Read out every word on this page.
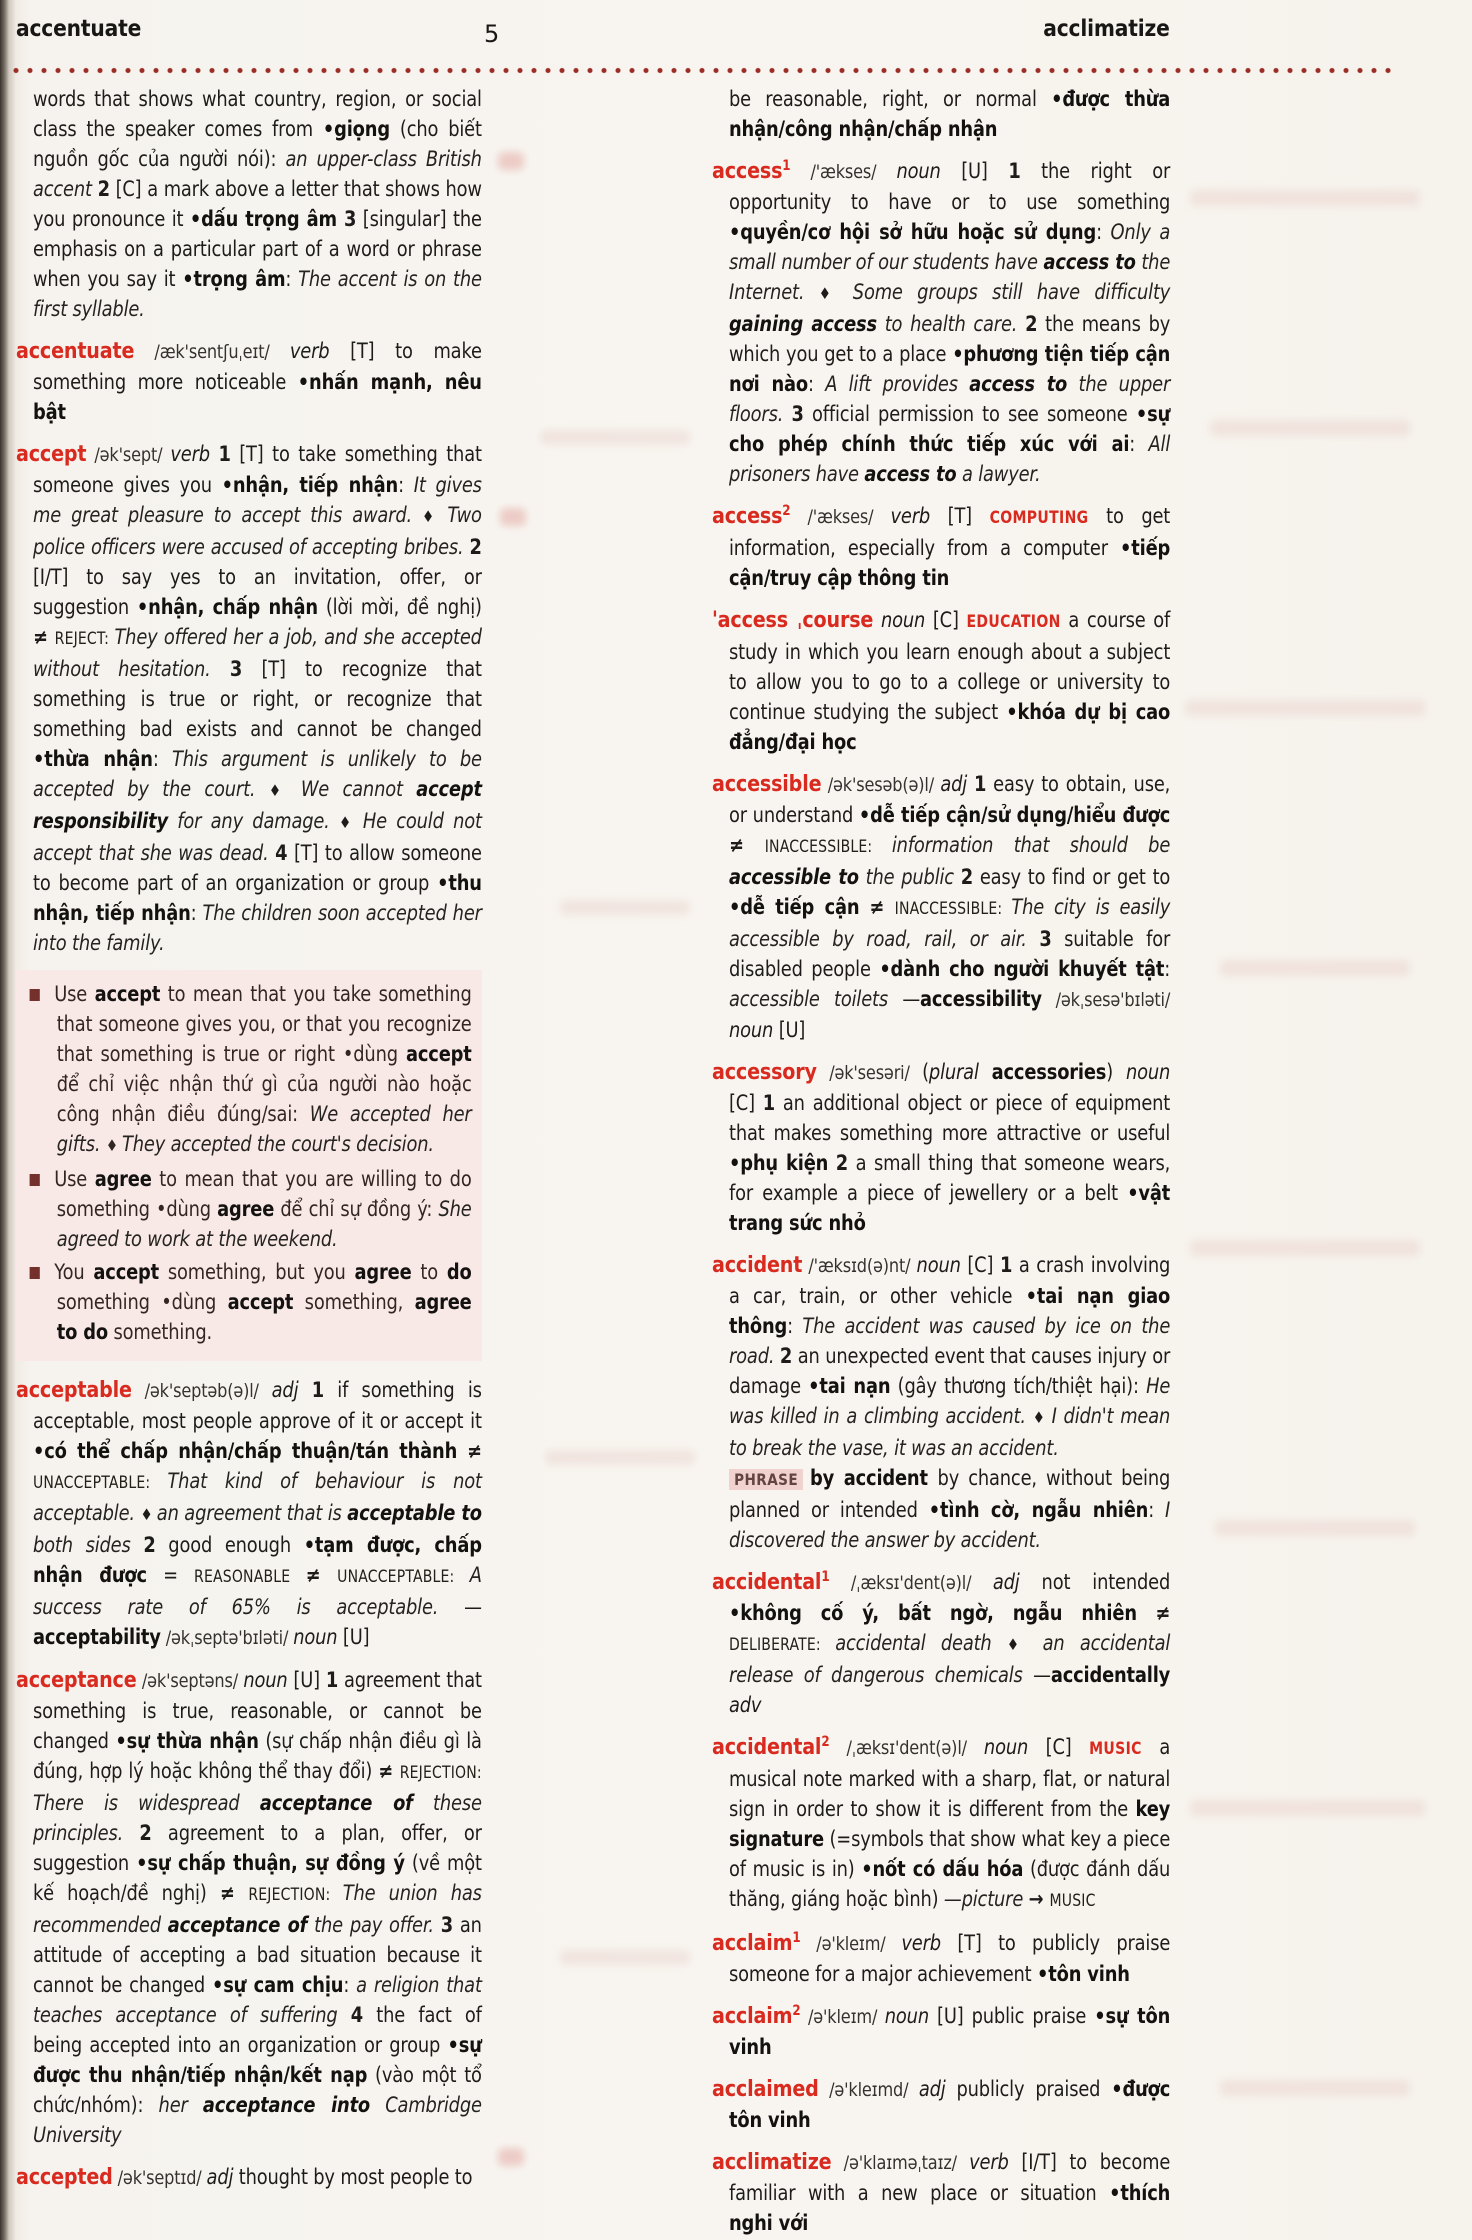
accentuate	5	acclimatize
words that shows what country, region, or social class the speaker comes from •giọng (cho biết nguồn gốc của người nói): an upper-class British accent 2 [C] a mark above a letter that shows how you pronounce it •dấu trọng âm 3 [singular] the emphasis on a particular part of a word or phrase when you say it •trọng âm: The accent is on the first syllable.
accentuate /æk'sentʃuˌeɪt/ verb [T] to make something more noticeable •nhấn mạnh, nêu bật
accept /ək'sept/ verb 1 [T] to take something that someone gives you •nhận, tiếp nhận: It gives me great pleasure to accept this award. ♦ Two police officers were accused of accepting bribes. 2 [I/T] to say yes to an invitation, offer, or suggestion •nhận, chấp nhận (lời mời, đề nghị) ≠ REJECT: They offered her a job, and she accepted without hesitation. 3 [T] to recognize that something is true or right, or recognize that something bad exists and cannot be changed •thừa nhận: This argument is unlikely to be accepted by the court. ♦ We cannot accept responsibility for any damage. ♦ He could not accept that she was dead. 4 [T] to allow someone to become part of an organization or group •thu nhận, tiếp nhận: The children soon accepted her into the family.
Use accept to mean that you take something that someone gives you, or that you recognize that something is true or right •dùng accept để chỉ việc nhận thứ gì của người nào hoặc công nhận điều đúng/sai: We accepted her gifts. ♦ They accepted the court's decision.
Use agree to mean that you are willing to do something •dùng agree để chỉ sự đồng ý: She agreed to work at the weekend.
You accept something, but you agree to do something •dùng accept something, agree to do something.
acceptable /ək'septəb(ə)l/ adj 1 if something is acceptable, most people approve of it or accept it •có thể chấp nhận/chấp thuận/tán thành ≠ UNACCEPTABLE: That kind of behaviour is not acceptable. ♦ an agreement that is acceptable to both sides 2 good enough •tạm được, chấp nhận được = REASONABLE ≠ UNACCEPTABLE: A success rate of 65% is acceptable. —acceptability /əkˌseptə'bɪləti/ noun [U]
acceptance /ək'septəns/ noun [U] 1 agreement that something is true, reasonable, or cannot be changed •sự thừa nhận (sự chấp nhận điều gì là đúng, hợp lý hoặc không thể thay đổi) ≠ REJECTION: There is widespread acceptance of these principles. 2 agreement to a plan, offer, or suggestion •sự chấp thuận, sự đồng ý (về một kế hoạch/đề nghị) ≠ REJECTION: The union has recommended acceptance of the pay offer. 3 an attitude of accepting a bad situation because it cannot be changed •sự cam chịu: a religion that teaches acceptance of suffering 4 the fact of being accepted into an organization or group •sự được thu nhận/tiếp nhận/kết nạp (vào một tổ chức/nhóm): her acceptance into Cambridge University
accepted /ək'septɪd/ adj thought by most people to
be reasonable, right, or normal •được thừa nhận/công nhận/chấp nhận
access$^1$ /'ækses/ noun [U] 1 the right or opportunity to have or to use something •quyền/cơ hội sở hữu hoặc sử dụng: Only a small number of our students have access to the Internet. ♦ Some groups still have difficulty gaining access to health care. 2 the means by which you get to a place •phương tiện tiếp cận nơi nào: A lift provides access to the upper floors. 3 official permission to see someone •sự cho phép chính thức tiếp xúc với ai: All prisoners have access to a lawyer.
access$^2$ /'ækses/ verb [T] COMPUTING to get information, especially from a computer •tiếp cận/truy cập thông tin
'access ˌcourse noun [C] EDUCATION a course of study in which you learn enough about a subject to allow you to go to a college or university to continue studying the subject •khóa dự bị cao đẳng/đại học
accessible /ək'sesəb(ə)l/ adj 1 easy to obtain, use, or understand •dễ tiếp cận/sử dụng/hiểu được ≠ INACCESSIBLE: information that should be accessible to the public 2 easy to find or get to •dễ tiếp cận ≠ INACCESSIBLE: The city is easily accessible by road, rail, or air. 3 suitable for disabled people •dành cho người khuyết tật: accessible toilets —accessibility /əkˌsesə'bɪləti/ noun [U]
accessory /ək'sesəri/ (plural accessories) noun [C] 1 an additional object or piece of equipment that makes something more attractive or useful •phụ kiện 2 a small thing that someone wears, for example a piece of jewellery or a belt •vật trang sức nhỏ
accident /'æksɪd(ə)nt/ noun [C] 1 a crash involving a car, train, or other vehicle •tai nạn giao thông: The accident was caused by ice on the road. 2 an unexpected event that causes injury or damage •tai nạn (gây thương tích/thiệt hại): He was killed in a climbing accident. ♦ I didn't mean to break the vase, it was an accident.
PHRASE by accident by chance, without being planned or intended •tình cờ, ngẫu nhiên: I discovered the answer by accident.
accidental$^1$ /ˌæksɪ'dent(ə)l/ adj not intended •không cố ý, bất ngờ, ngẫu nhiên ≠ DELIBERATE: accidental death ♦ an accidental release of dangerous chemicals —accidentally adv
accidental$^2$ /ˌæksɪ'dent(ə)l/ noun [C] MUSIC a musical note marked with a sharp, flat, or natural sign in order to show it is different from the key signature (=symbols that show what key a piece of music is in) •nốt có dấu hóa (được đánh dấu thăng, giáng hoặc bình) —picture → MUSIC
acclaim$^1$ /ə'kleɪm/ verb [T] to publicly praise someone for a major achievement •tôn vinh
acclaim$^2$ /ə'kleɪm/ noun [U] public praise •sự tôn vinh
acclaimed /ə'kleɪmd/ adj publicly praised •được tôn vinh
acclimatize /ə'klaɪməˌtaɪz/ verb [I/T] to become familiar with a new place or situation •thích nghi với
